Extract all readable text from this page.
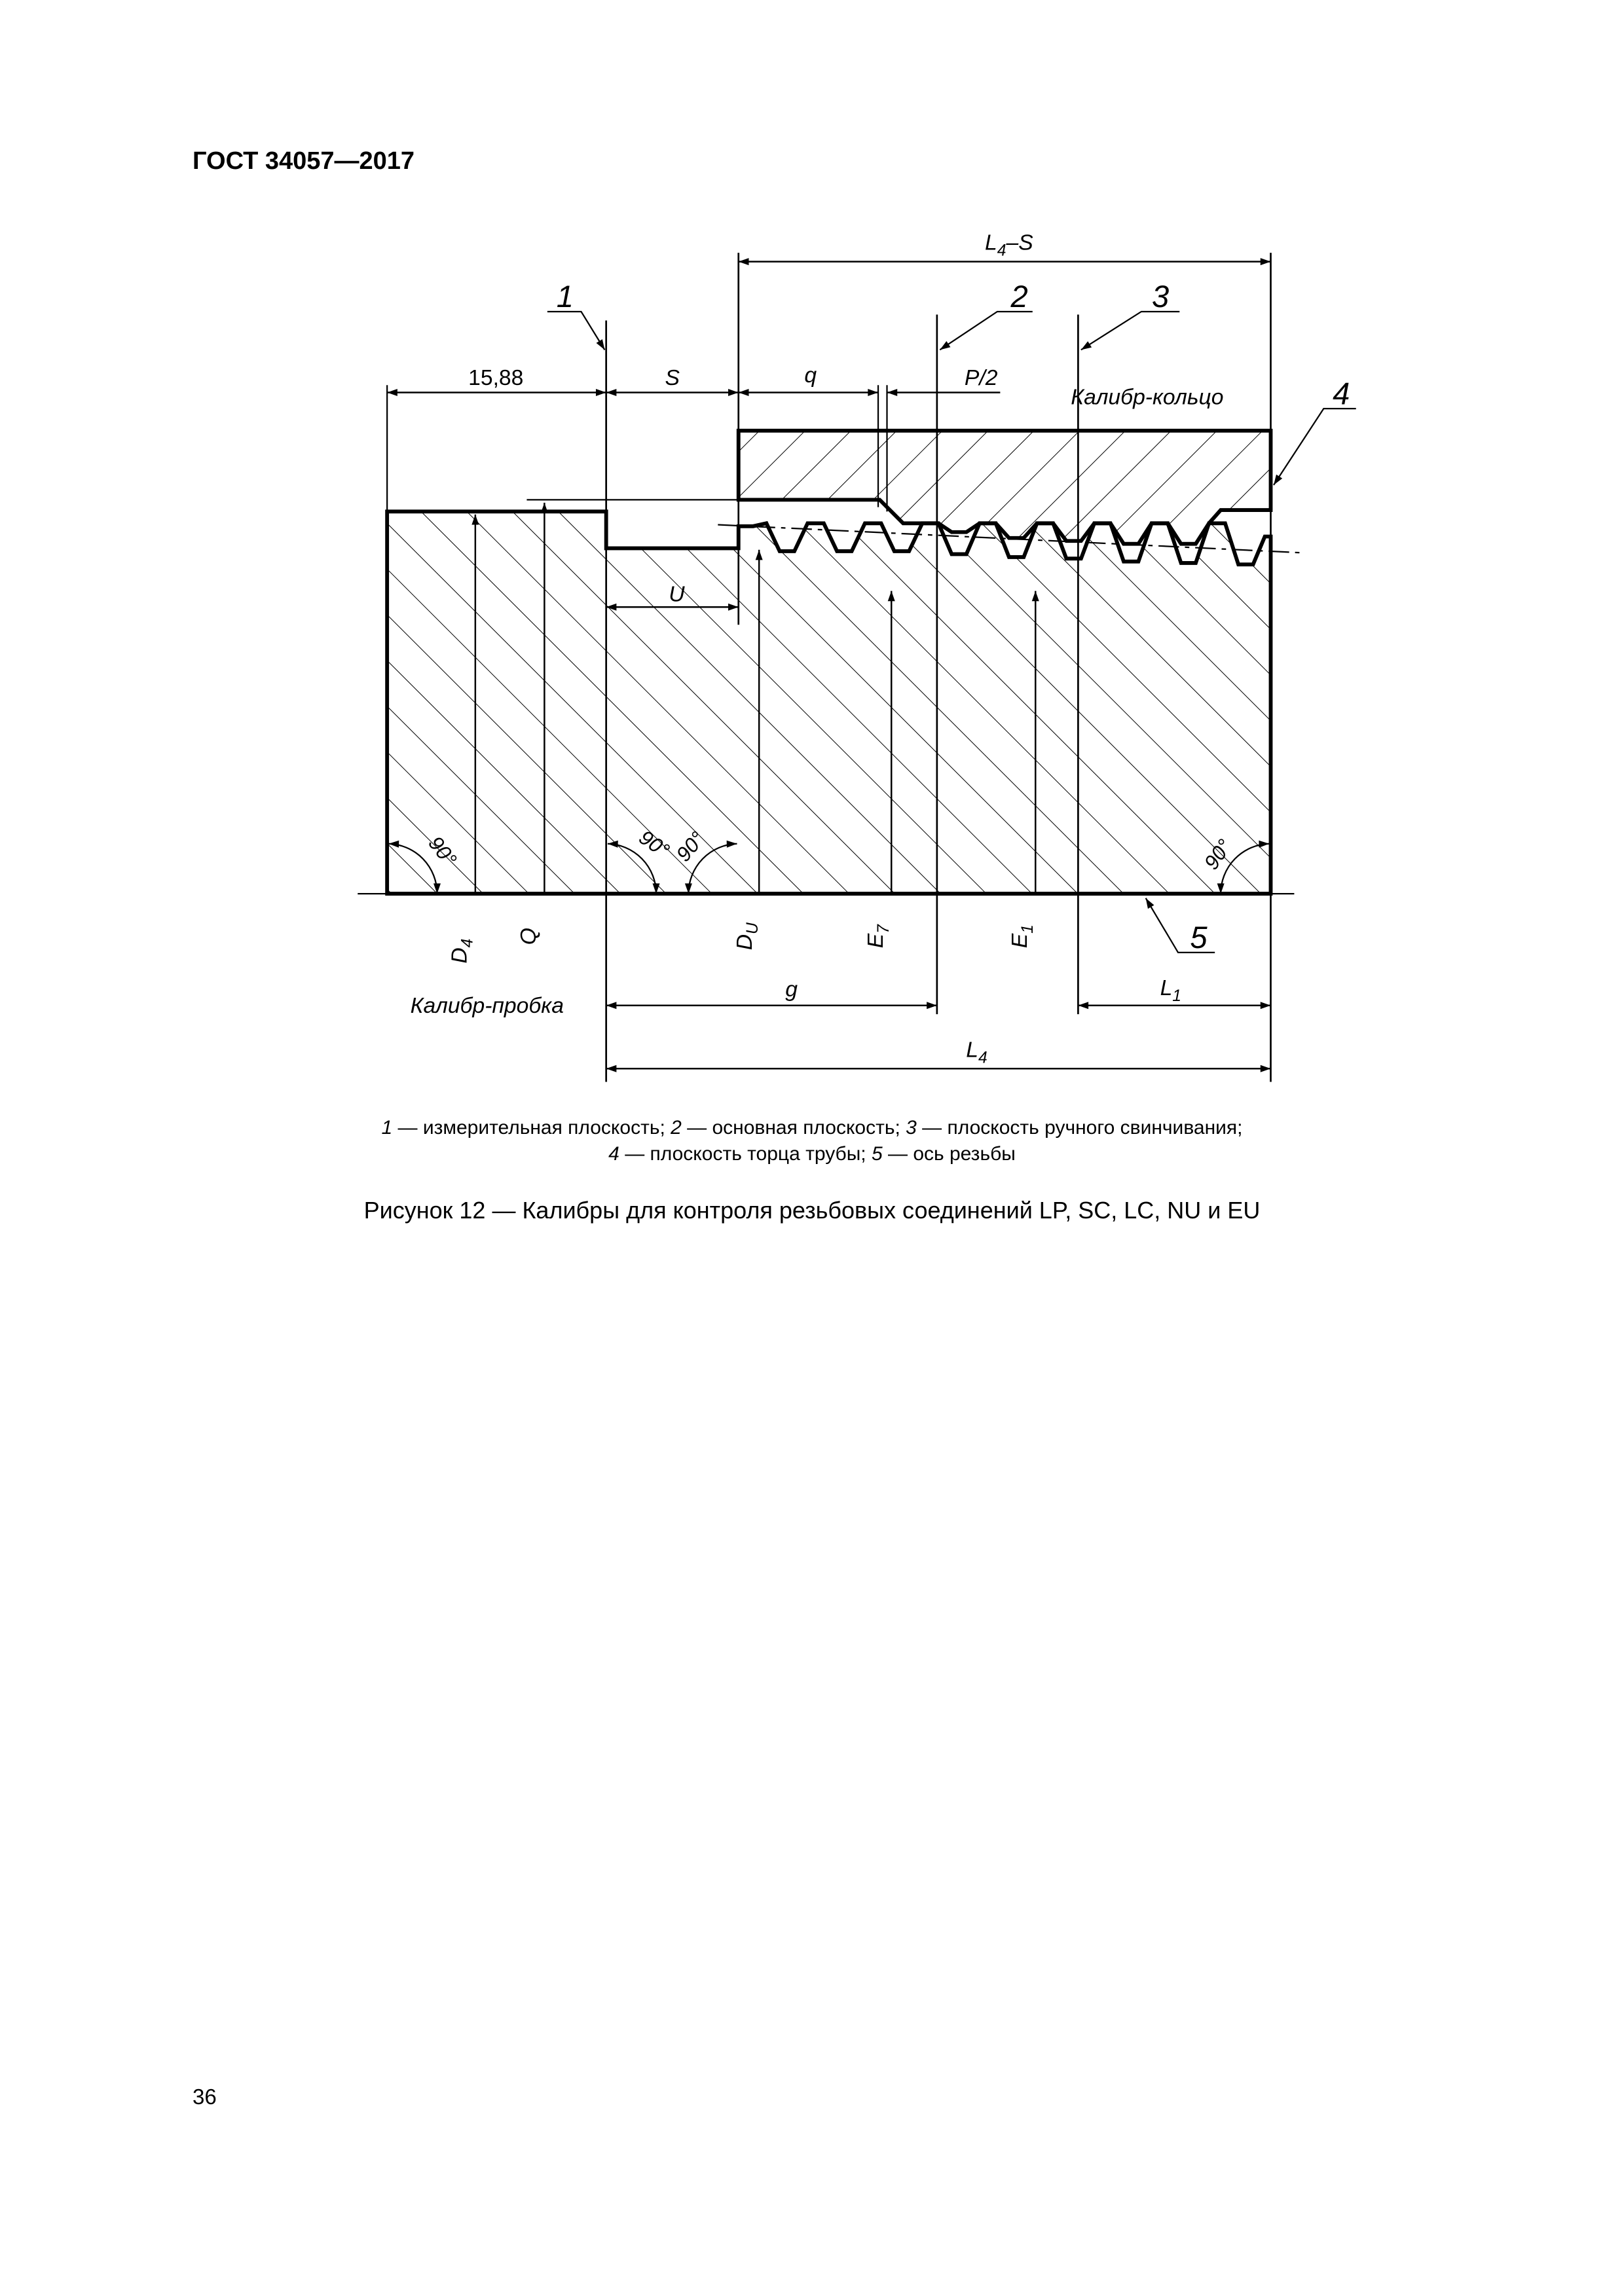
ГОСТ 34057—2017
15,88	S	q	P/2
$L_4-S$
U
g	$L_1$
$L_4$
$D_4$	Q	$D_U$
$E_7$
$E_1$
90°	90°
90°	90°
Калибр-пробка
Калибр-кольцо
1	2	3
4
5
1 — измерительная плоскость; 2 — основная плоскость; 3 — плоскость ручного свинчивания;
4 — плоскость торца трубы; 5 — ось резьбы
Рисунок 12 — Калибры для контроля резьбовых соединений LP, SC, LC, NU и EU
36
